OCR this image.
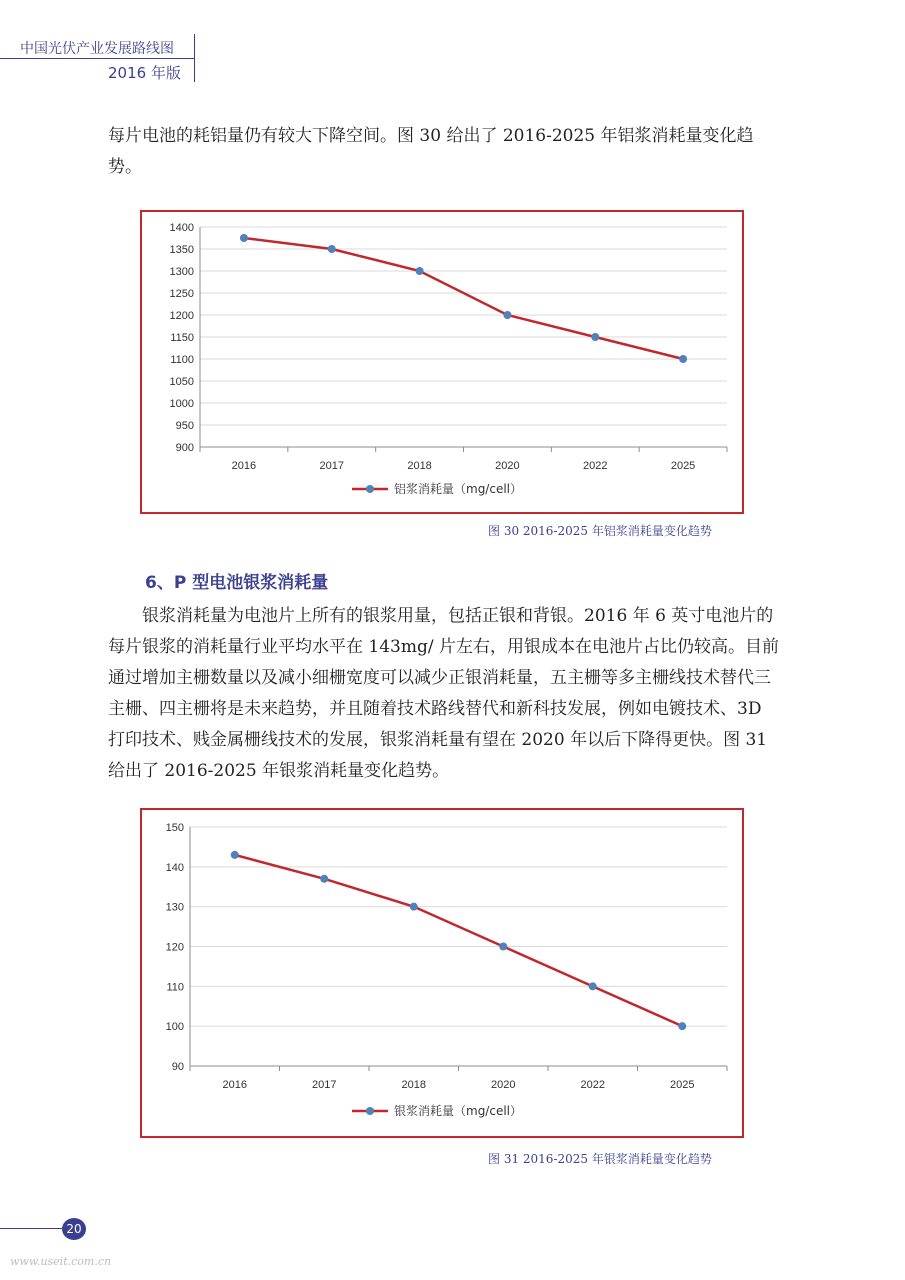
中国光伏产业发展路线图
2016 年版
每片电池的耗铝量仍有较大下降空间。图 30 给出了 2016-2025 年铝浆消耗量变化趋势。
1400
1350
1300
1250
1200
1150
1100
1050
1000
950
900
2016	2017	2018	2020	2022	2025
铝浆消耗量（mg/cell）
图 30 2016-2025 年铝浆消耗量变化趋势
6、P 型电池银浆消耗量
银浆消耗量为电池片上所有的银浆用量，包括正银和背银。2016 年 6 英寸电池片的每片银浆的消耗量行业平均水平在 143mg/ 片左右，用银成本在电池片占比仍较高。目前通过增加主栅数量以及减小细栅宽度可以减少正银消耗量，五主栅等多主栅线技术替代三主栅、四主栅将是未来趋势，并且随着技术路线替代和新科技发展，例如电镀技术、3D 打印技术、贱金属栅线技术的发展，银浆消耗量有望在 2020 年以后下降得更快。图 31 给出了 2016-2025 年银浆消耗量变化趋势。
150
140
130
120
110
100
90
2016	2017	2018	2020	2022	2025
银浆消耗量（mg/cell）
图 31 2016-2025 年银浆消耗量变化趋势
20
www.useit.com.cn
